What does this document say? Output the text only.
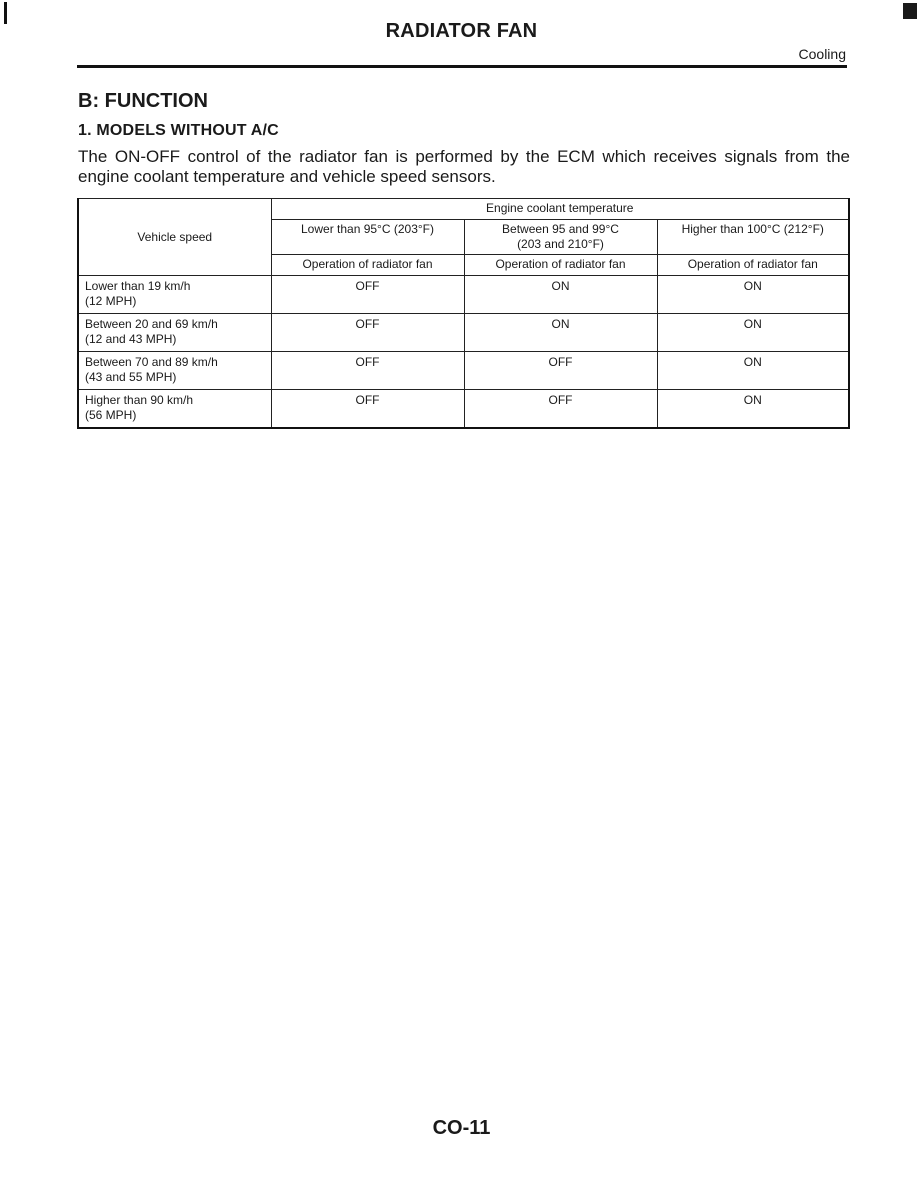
RADIATOR FAN
Cooling
B: FUNCTION
1. MODELS WITHOUT A/C
The ON-OFF control of the radiator fan is performed by the ECM which receives signals from the engine coolant temperature and vehicle speed sensors.
Vehicle speed	Engine coolant temperature		

	Lower than 95°C (203°F)	Between 95 and 99°C
(203 and 210°F)	Higher than 100°C (212°F)

	Operation of radiator fan	Operation of radiator fan	Operation of radiator fan

Lower than 19 km/h
(12 MPH)	OFF	ON	ON

Between 20 and 69 km/h
(12 and 43 MPH)	OFF	ON	ON

Between 70 and 89 km/h
(43 and 55 MPH)	OFF	OFF	ON

Higher than 90 km/h
(56 MPH)	OFF	OFF	ON
CO-11
